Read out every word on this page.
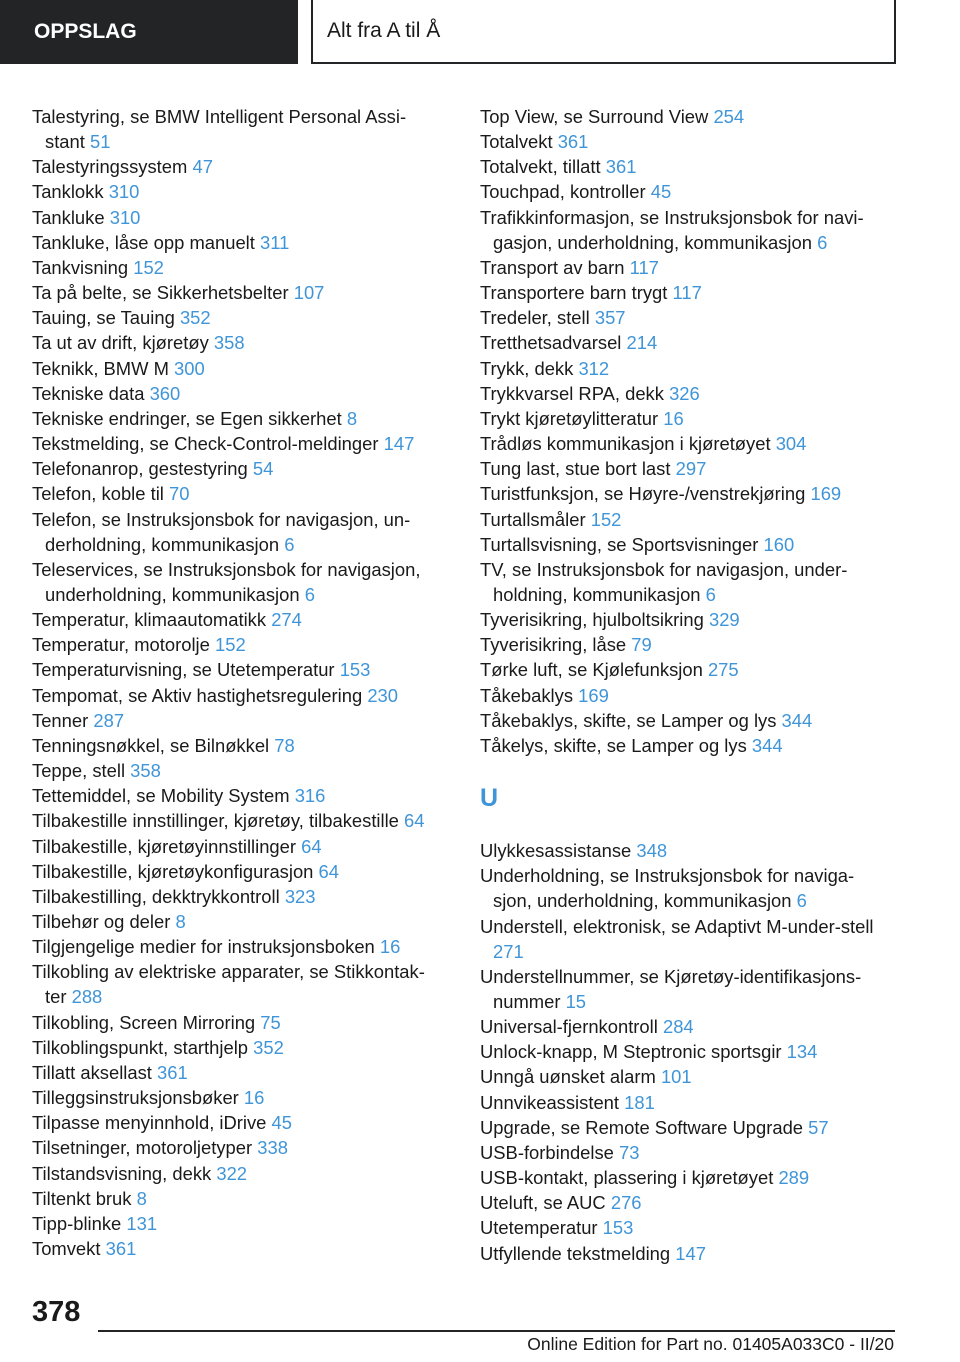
OPPSLAG	Alt fra A til Å
Talestyring, se BMW Intelligent Personal Assi-stant 51
Talestyringssystem 47
Tanklokk 310
Tankluke 310
Tankluke, låse opp manuelt 311
Tankvisning 152
Ta på belte, se Sikkerhetsbelter 107
Tauing, se Tauing 352
Ta ut av drift, kjøretøy 358
Teknikk, BMW M 300
Tekniske data 360
Tekniske endringer, se Egen sikkerhet 8
Tekstmelding, se Check-Control-meldinger 147
Telefonanrop, gestestyring 54
Telefon, koble til 70
Telefon, se Instruksjonsbok for navigasjon, un-derholdning, kommunikasjon 6
Teleservices, se Instruksjonsbok for navigasjon, underholdning, kommunikasjon 6
Temperatur, klimaautomatikk 274
Temperatur, motorolje 152
Temperaturvisning, se Utetemperatur 153
Tempomat, se Aktiv hastighetsregulering 230
Tenner 287
Tenningsnøkkel, se Bilnøkkel 78
Teppe, stell 358
Tettemiddel, se Mobility System 316
Tilbakestille innstillinger, kjøretøy, tilbakestille 64
Tilbakestille, kjøretøyinnstillinger 64
Tilbakestille, kjøretøykonfigurasjon 64
Tilbakestilling, dekktrykkontroll 323
Tilbehør og deler 8
Tilgjengelige medier for instruksjonsboken 16
Tilkobling av elektriske apparater, se Stikkontak-ter 288
Tilkobling, Screen Mirroring 75
Tilkoblingspunkt, starthjelp 352
Tillatt aksellast 361
Tilleggsinstruksjonsbøker 16
Tilpasse menyinnhold, iDrive 45
Tilsetninger, motoroljetyper 338
Tilstandsvisning, dekk 322
Tiltenkt bruk 8
Tipp-blinke 131
Tomvekt 361
Top View, se Surround View 254
Totalvekt 361
Totalvekt, tillatt 361
Touchpad, kontroller 45
Trafikkinformasjon, se Instruksjonsbok for navi-gasjon, underholdning, kommunikasjon 6
Transport av barn 117
Transportere barn trygt 117
Tredeler, stell 357
Tretthetsadvarsel 214
Trykk, dekk 312
Trykkvarsel RPA, dekk 326
Trykt kjøretøylitteratur 16
Trådløs kommunikasjon i kjøretøyet 304
Tung last, stue bort last 297
Turistfunksjon, se Høyre-/venstrekjøring 169
Turtallsmåler 152
Turtallsvisning, se Sportsvisninger 160
TV, se Instruksjonsbok for navigasjon, under-holdning, kommunikasjon 6
Tyverisikring, hjulboltsikring 329
Tyverisikring, låse 79
Tørke luft, se Kjølefunksjon 275
Tåkebaklys 169
Tåkebaklys, skifte, se Lamper og lys 344
Tåkelys, skifte, se Lamper og lys 344
U
Ulykkesassistanse 348
Underholdning, se Instruksjonsbok for naviga-sjon, underholdning, kommunikasjon 6
Understell, elektronisk, se Adaptivt M-under-stell 271
Understellnummer, se Kjøretøy-identifikasjons-nummer 15
Universal-fjernkontroll 284
Unlock-knapp, M Steptronic sportsgir 134
Unngå uønsket alarm 101
Unnvikeassistent 181
Upgrade, se Remote Software Upgrade 57
USB-forbindelse 73
USB-kontakt, plassering i kjøretøyet 289
Uteluft, se AUC 276
Utetemperatur 153
Utfyllende tekstmelding 147
378
Online Edition for Part no. 01405A033C0 - II/20
